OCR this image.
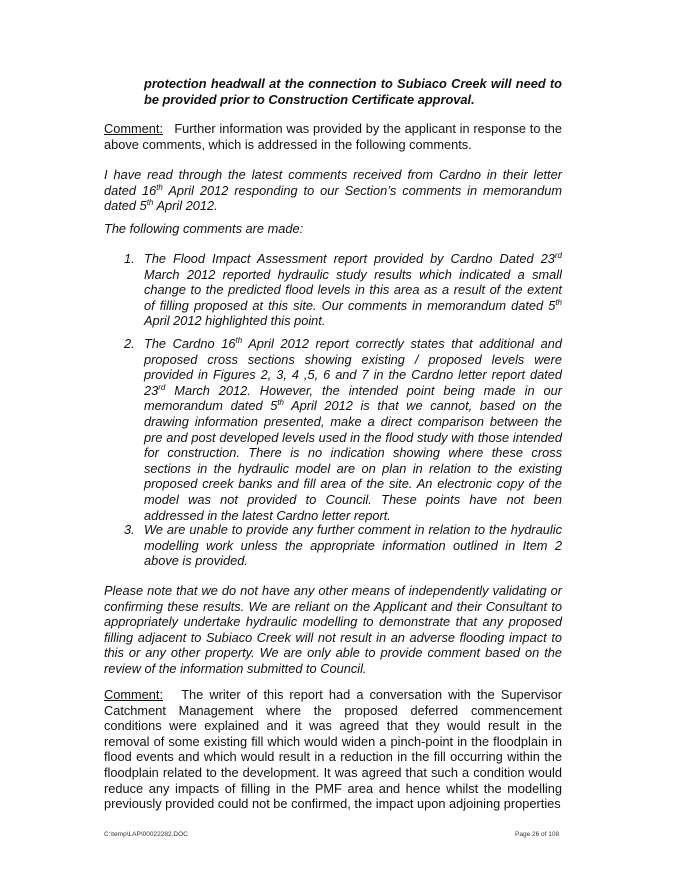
protection headwall at the connection to Subiaco Creek will need to be provided prior to Construction Certificate approval.

Comment: Further information was provided by the applicant in response to the above comments, which is addressed in the following comments.

I have read through the latest comments received from Cardno in their letter dated 16th April 2012 responding to our Section’s comments in memorandum dated 5th April 2012.

The following comments are made:

1. The Flood Impact Assessment report provided by Cardno Dated 23rd March 2012 reported hydraulic study results which indicated a small change to the predicted flood levels in this area as a result of the extent of filling proposed at this site. Our comments in memorandum dated 5th April 2012 highlighted this point.

2. The Cardno 16th April 2012 report correctly states that additional and proposed cross sections showing existing / proposed levels were provided in Figures 2, 3, 4 ,5, 6 and 7 in the Cardno letter report dated 23rd March 2012. However, the intended point being made in our memorandum dated 5th April 2012 is that we cannot, based on the drawing information presented, make a direct comparison between the pre and post developed levels used in the flood study with those intended for construction. There is no indication showing where these cross sections in the hydraulic model are on plan in relation to the existing proposed creek banks and fill area of the site. An electronic copy of the model was not provided to Council. These points have not been addressed in the latest Cardno letter report.

3. We are unable to provide any further comment in relation to the hydraulic modelling work unless the appropriate information outlined in Item 2 above is provided.

Please note that we do not have any other means of independently validating or confirming these results. We are reliant on the Applicant and their Consultant to appropriately undertake hydraulic modelling to demonstrate that any proposed filling adjacent to Subiaco Creek will not result in an adverse flooding impact to this or any other property. We are only able to provide comment based on the review of the information submitted to Council.

Comment: The writer of this report had a conversation with the Supervisor Catchment Management where the proposed deferred commencement conditions were explained and it was agreed that they would result in the removal of some existing fill which would widen a pinch-point in the floodplain in flood events and which would result in a reduction in the fill occurring within the floodplain related to the development. It was agreed that such a condition would reduce any impacts of filling in the PMF area and hence whilst the modelling previously provided could not be confirmed, the impact upon adjoining properties

C:\temp\LAP\00022282.DOC	Page 26 of 108
